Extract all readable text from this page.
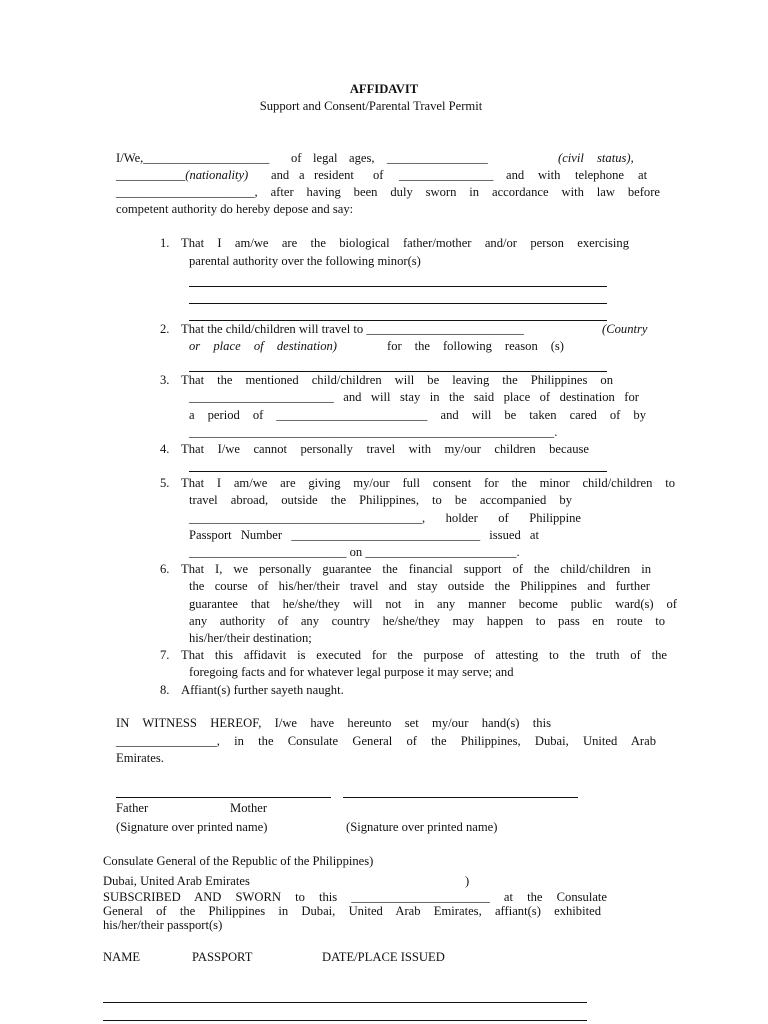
AFFIDAVIT
Support and Consent/Parental Travel Permit
I/We,____________________ of legal ages, ________________	(civil status),
___________(nationality) and a resident of _______________ and with telephone at
______________________, after having been duly sworn in accordance with law before
competent authority do hereby depose and say:
1. That I am/we are the biological father/mother and/or person exercising
parental authority over the following minor(s)
2. That the child/children will travel to _________________________	(Country
or place of destination)	for the following reason (s)
3. That the mentioned child/children will be leaving the Philippines on
_______________________ and will stay in the said place of destination for
a period of ________________________ and will be taken cared of by
__________________________________________________________.
4. That I/we cannot personally travel with my/our children because
5. That I am/we are giving my/our full consent for the minor child/children to
travel abroad, outside the Philippines, to be accompanied by
_____________________________________, holder of Philippine
Passport Number ______________________________ issued at
_________________________ on ________________________.
6. That I, we personally guarantee the financial support of the child/children in
the course of his/her/their travel and stay outside the Philippines and further
guarantee that he/she/they will not in any manner become public ward(s) of
any authority of any country he/she/they may happen to pass en route to
his/her/their destination;
7. That this affidavit is executed for the purpose of attesting to the truth of the
foregoing facts and for whatever legal purpose it may serve; and
8. Affiant(s) further sayeth naught.
IN WITNESS HEREOF, I/we have hereunto set my/our hand(s) this
________________, in the Consulate General of the Philippines, Dubai, United Arab
Emirates.
Father	Mother
(Signature over printed name)	(Signature over printed name)
Consulate General of the Republic of the Philippines)
Dubai, United Arab Emirates	)
SUBSCRIBED AND SWORN to this ______________________ at the Consulate
General of the Philippines in Dubai, United Arab Emirates, affiant(s) exhibited
his/her/their passport(s)
NAME	PASSPORT	DATE/PLACE ISSUED
